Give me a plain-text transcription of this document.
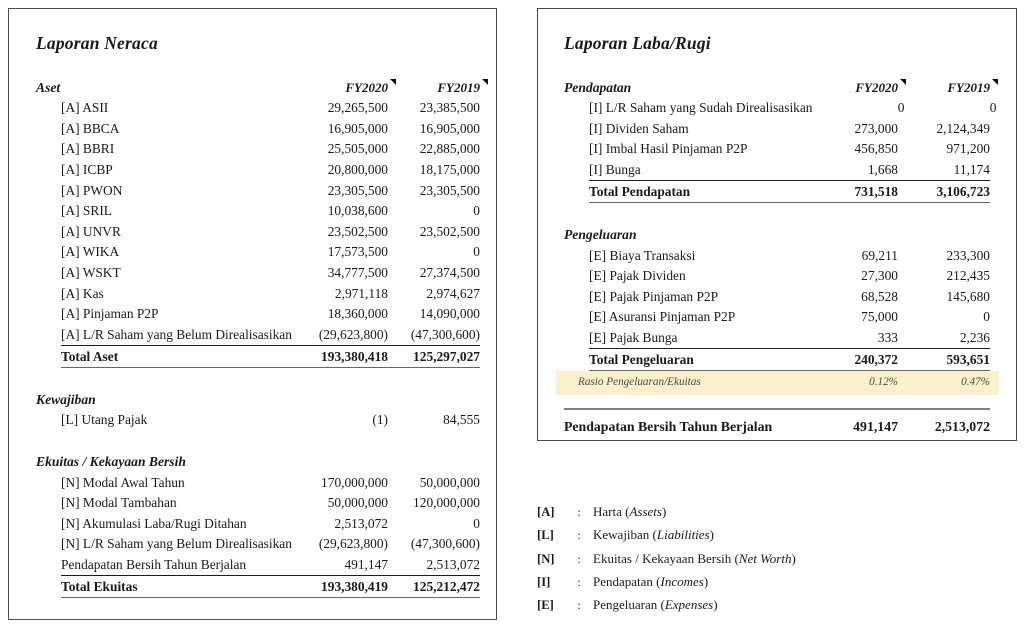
Laporan Neraca
Aset	FY2020	FY2019
[A] ASII	29,265,500	23,385,500
[A] BBCA	16,905,000	16,905,000
[A] BBRI	25,505,000	22,885,000
[A] ICBP	20,800,000	18,175,000
[A] PWON	23,305,500	23,305,500
[A] SRIL	10,038,600	0
[A] UNVR	23,502,500	23,502,500
[A] WIKA	17,573,500	0
[A] WSKT	34,777,500	27,374,500
[A] Kas	2,971,118	2,974,627
[A] Pinjaman P2P	18,360,000	14,090,000
[A] L/R Saham yang Belum Direalisasikan	(29,623,800)	(47,300,600)
Total Aset	193,380,418	125,297,027
Kewajiban
[L] Utang Pajak	(1)	84,555
Ekuitas / Kekayaan Bersih
[N] Modal Awal Tahun	170,000,000	50,000,000
[N] Modal Tambahan	50,000,000	120,000,000
[N] Akumulasi Laba/Rugi Ditahan	2,513,072	0
[N] L/R Saham yang Belum Direalisasikan	(29,623,800)	(47,300,600)
Pendapatan Bersih Tahun Berjalan	491,147	2,513,072
Total Ekuitas	193,380,419	125,212,472
Laporan Laba/Rugi
Pendapatan	FY2020	FY2019
[I] L/R Saham yang Sudah Direalisasikan	0	0
[I] Dividen Saham	273,000	2,124,349
[I] Imbal Hasil Pinjaman P2P	456,850	971,200
[I] Bunga	1,668	11,174
Total Pendapatan	731,518	3,106,723
Pengeluaran
[E] Biaya Transaksi	69,211	233,300
[E] Pajak Dividen	27,300	212,435
[E] Pajak Pinjaman P2P	68,528	145,680
[E] Asuransi Pinjaman P2P	75,000	0
[E] Pajak Bunga	333	2,236
Total Pengeluaran	240,372	593,651
Rasio Pengeluaran/Ekuitas	0.12%	0.47%
Pendapatan Bersih Tahun Berjalan	491,147	2,513,072
[A]	: Harta (Assets)
[L]	: Kewajiban (Liabilities)
[N]	: Ekuitas / Kekayaan Bersih (Net Worth)
[I]	: Pendapatan (Incomes)
[E]	: Pengeluaran (Expenses)
